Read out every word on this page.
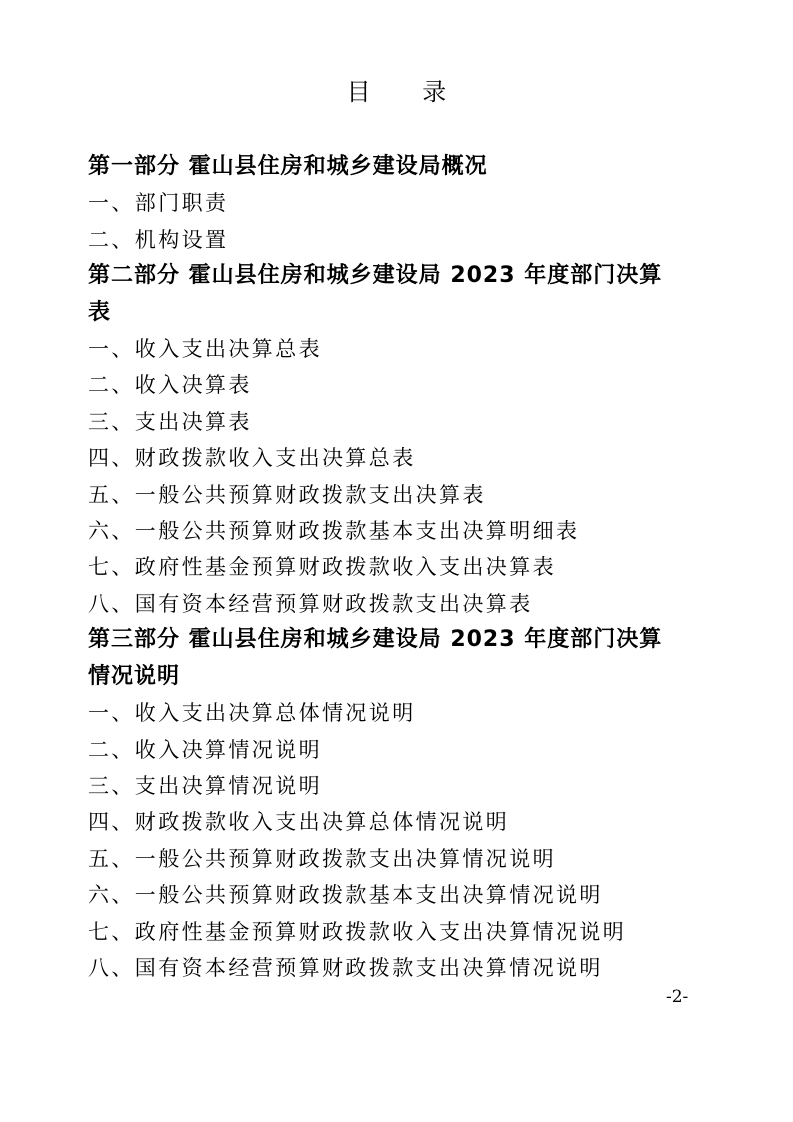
目 录

第一部分 霍山县住房和城乡建设局概况

一、部门职责

二、机构设置

第二部分 霍山县住房和城乡建设局 2023 年度部门决算

表

一、收入支出决算总表

二、收入决算表

三、支出决算表

四、财政拨款收入支出决算总表

五、一般公共预算财政拨款支出决算表

六、一般公共预算财政拨款基本支出决算明细表

七、政府性基金预算财政拨款收入支出决算表

八、国有资本经营预算财政拨款支出决算表

第三部分 霍山县住房和城乡建设局 2023 年度部门决算

情况说明

一、收入支出决算总体情况说明

二、收入决算情况说明

三、支出决算情况说明

四、财政拨款收入支出决算总体情况说明

五、一般公共预算财政拨款支出决算情况说明

六、一般公共预算财政拨款基本支出决算情况说明

七、政府性基金预算财政拨款收入支出决算情况说明

八、国有资本经营预算财政拨款支出决算情况说明

-2-
